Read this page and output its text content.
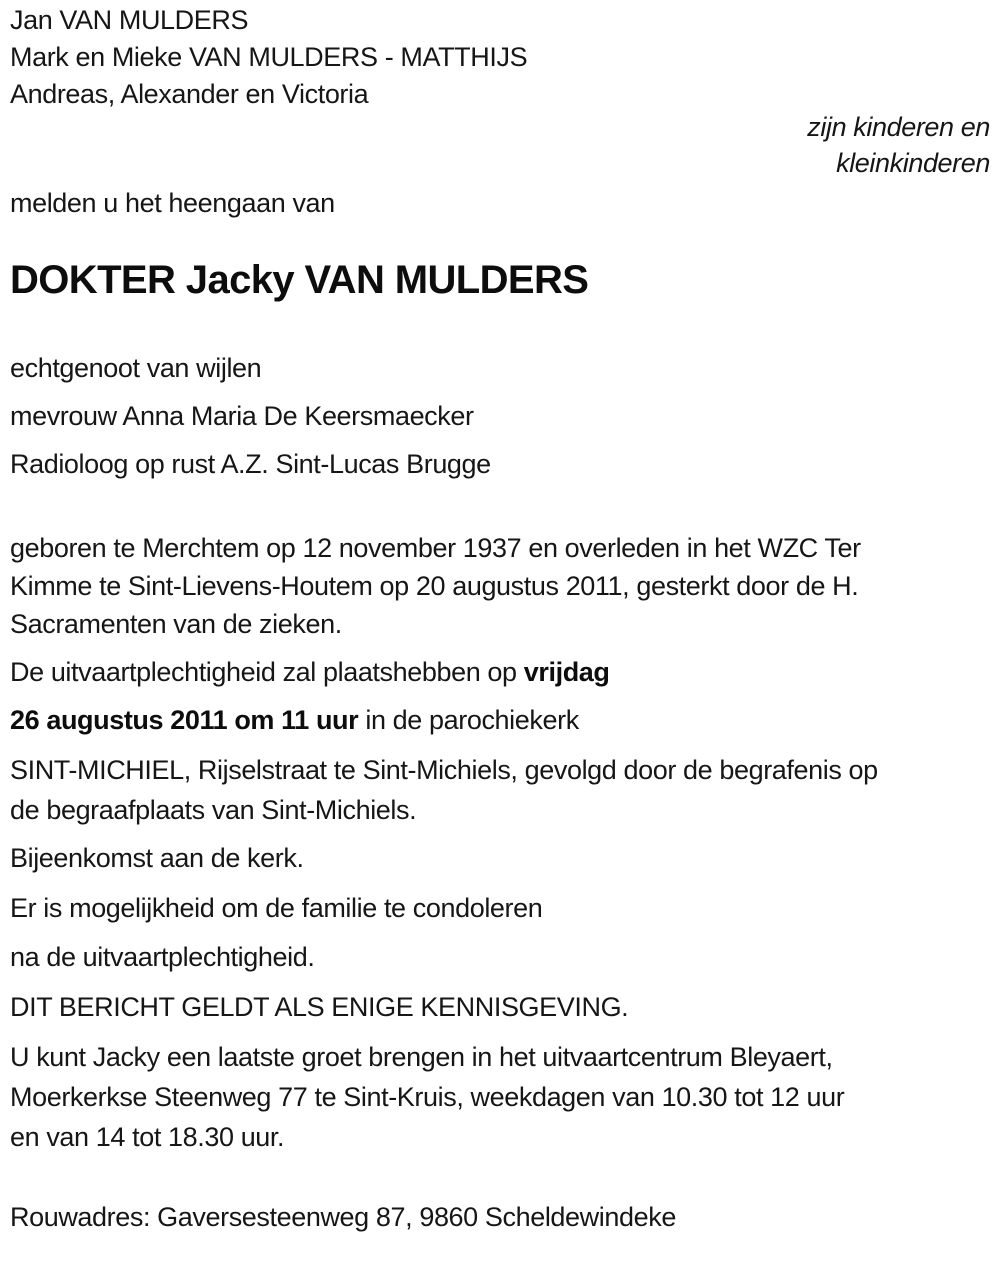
Jan VAN MULDERS

Mark en Mieke VAN MULDERS - MATTHIJS

Andreas, Alexander en Victoria

zijn kinderen en

kleinkinderen

melden u het heengaan van

DOKTER Jacky VAN MULDERS

echtgenoot van wijlen

mevrouw Anna Maria De Keersmaecker

Radioloog op rust A.Z. Sint-Lucas Brugge

geboren te Merchtem op 12 november 1937 en overleden in het WZC Ter
Kimme te Sint-Lievens-Houtem op 20 augustus 2011, gesterkt door de H.
Sacramenten van de zieken.

De uitvaartplechtigheid zal plaatshebben op vrijdag

26 augustus 2011 om 11 uur in de parochiekerk

SINT-MICHIEL, Rijselstraat te Sint-Michiels, gevolgd door de begrafenis op
de begraafplaats van Sint-Michiels.

Bijeenkomst aan de kerk.

Er is mogelijkheid om de familie te condoleren

na de uitvaartplechtigheid.

DIT BERICHT GELDT ALS ENIGE KENNISGEVING.

U kunt Jacky een laatste groet brengen in het uitvaartcentrum Bleyaert,
Moerkerkse Steenweg 77 te Sint-Kruis, weekdagen van 10.30 tot 12 uur
en van 14 tot 18.30 uur.

Rouwadres: Gaversesteenweg 87, 9860 Scheldewindeke
